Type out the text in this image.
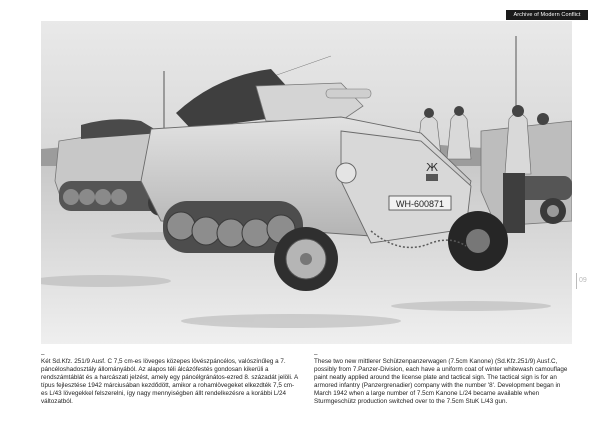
Archive of Modern Conflict
WH-600871
Ж
09
–
Két Sd.Kfz. 251/9 Ausf. C 7,5 cm-es löveges közepes lövészpáncélos, valószínűleg a 7. páncéloshadosztály állományából. Az alapos téli álcázófestés gondosan kikerüli a rendszámtáblát és a harcászati jelzést, amely egy páncélgránátos-ezred 8. századát jelöli. A típus fejlesztése 1942 márciusában kezdődött, amikor a rohamlövegeket elkezdték 7,5 cm-es L/43 lövegekkel felszerelni, így nagy mennyiségben állt rendelkezésre a korábbi L/24 változatból.
–
These two new mittlerer Schützenpanzerwagen (7.5cm Kanone) (Sd.Kfz.251/9) Ausf.C, possibly from 7.Panzer-Division, each have a uniform coat of winter whitewash camouflage paint neatly applied around the license plate and tactical sign. The tactical sign is for an armored infantry (Panzergrenadier) company with the number '8'. Development began in March 1942 when a large number of 7.5cm Kanone L/24 became available when Sturmgeschütz production switched over to the 7.5cm StuK L/43 gun.
